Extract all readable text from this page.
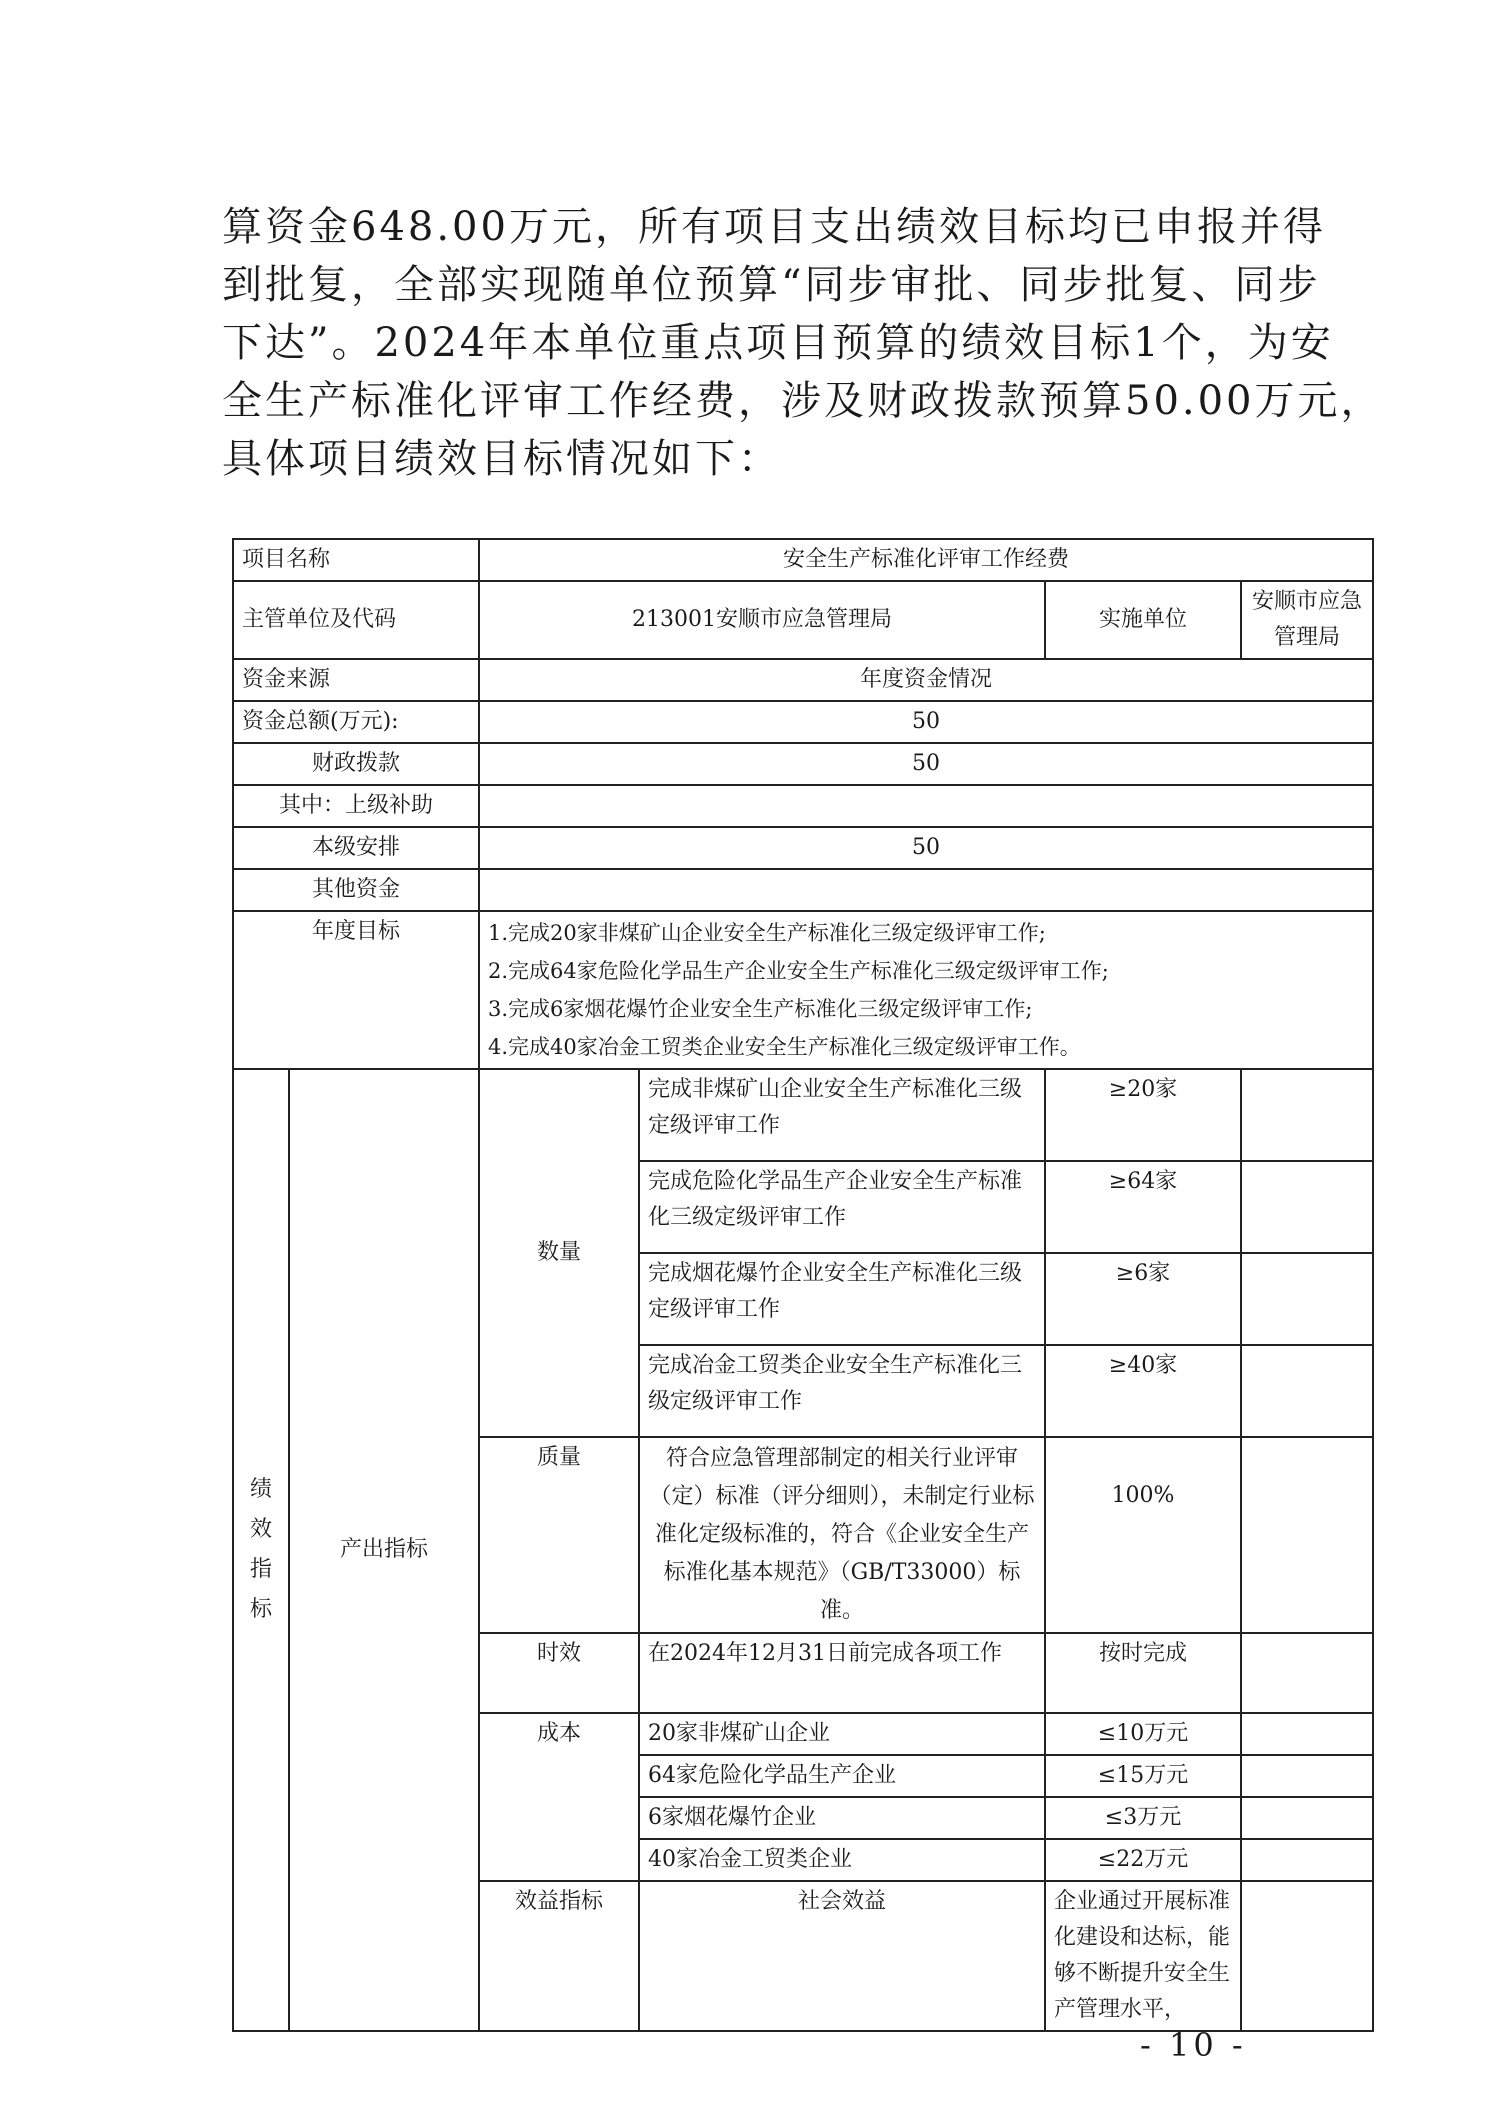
算资金648.00万元，所有项目支出绩效目标均已申报并得

到批复，全部实现随单位预算“同步审批、同步批复、同步

下达”。2024年本单位重点项目预算的绩效目标1个，为安

全生产标准化评审工作经费，涉及财政拨款预算50.00万元，

具体项目绩效目标情况如下：

项目名称		安全生产标准化评审工作经费				
主管单位及代码		213001安顺市应急管理局		实施单位	安顺市应急管理局	
资金来源		年度资金情况				
资金总额(万元):		50				
财政拨款		50				
其中：上级补助						
本级安排		50				
其他资金						
年度目标		1.完成20家非煤矿山企业安全生产标准化三级定级评审工作;
2.完成64家危险化学品生产企业安全生产标准化三级定级评审工作;
3.完成6家烟花爆竹企业安全生产标准化三级定级评审工作;
4.完成40家冶金工贸类企业安全生产标准化三级定级评审工作。				

绩
效
指
标	产出指标	数量	完成非煤矿山企业安全生产标准化三级定级评审工作	≥20家		
			完成危险化学品生产企业安全生产标准化三级定级评审工作	≥64家		
			完成烟花爆竹企业安全生产标准化三级定级评审工作	≥6家		
			完成冶金工贸类企业安全生产标准化三级定级评审工作	≥40家		
		质量	符合应急管理部制定的相关行业评审（定）标准（评分细则），未制定行业标准化定级标准的，符合《企业安全生产标准化基本规范》（GB/T33000）标准。	100%		
		时效	在2024年12月31日前完成各项工作	按时完成		
		成本	20家非煤矿山企业	≤10万元		
			64家危险化学品生产企业	≤15万元		
			6家烟花爆竹企业	≤3万元		
			40家冶金工贸类企业	≤22万元		
		效益指标	社会效益	企业通过开展标准化建设和达标，能够不断提升安全生产管理水平，		
- 10 -
